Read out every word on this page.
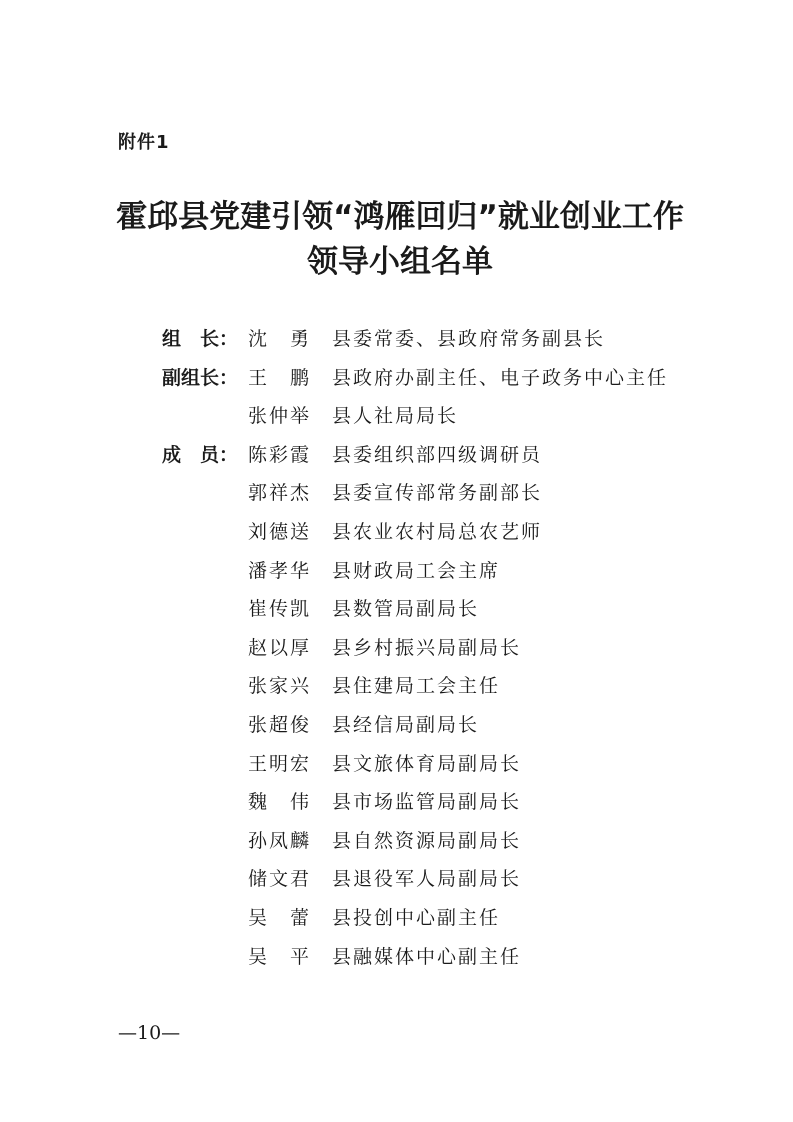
附件1
霍邱县党建引领“鸿雁回归”就业创业工作
领导小组名单
组　长： 沈　勇	县委常委、县政府常务副县长
副组长： 王　鹏	县政府办副主任、电子政务中心主任
张仲举	县人社局局长
成　员： 陈彩霞	县委组织部四级调研员
郭祥杰	县委宣传部常务副部长
刘德送	县农业农村局总农艺师
潘孝华	县财政局工会主席
崔传凯	县数管局副局长
赵以厚	县乡村振兴局副局长
张家兴	县住建局工会主任
张超俊	县经信局副局长
王明宏	县文旅体育局副局长
魏　伟	县市场监管局副局长
孙凤麟	县自然资源局副局长
储文君	县退役军人局副局长
吴　蕾	县投创中心副主任
吴　平	县融媒体中心副主任
—10—
